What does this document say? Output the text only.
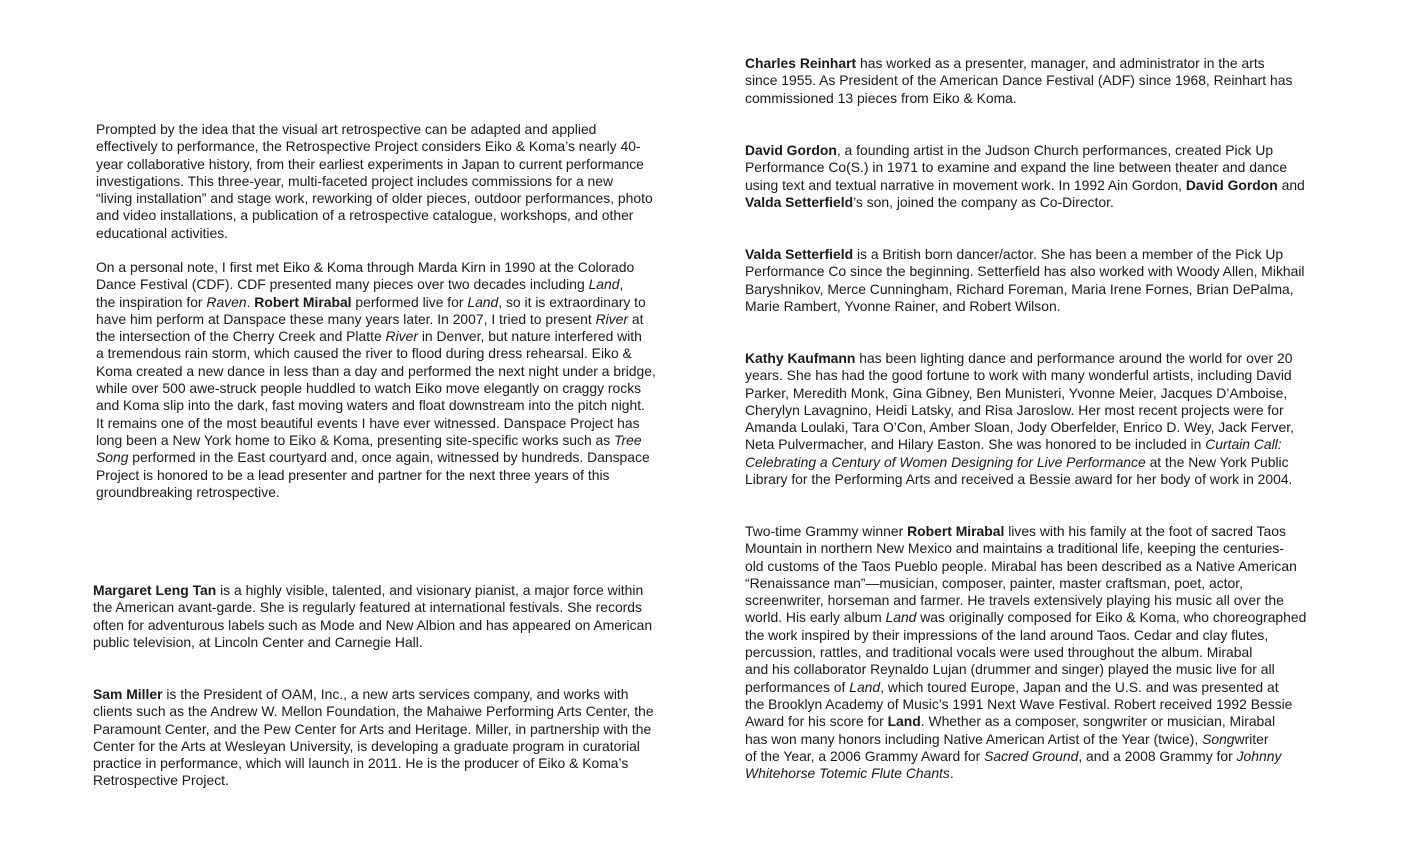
Prompted by the idea that the visual art retrospective can be adapted and applied
effectively to performance, the Retrospective Project considers Eiko & Koma’s nearly 40-
year collaborative history, from their earliest experiments in Japan to current performance
investigations. This three-year, multi-faceted project includes commissions for a new
“living installation” and stage work, reworking of older pieces, outdoor performances, photo
and video installations, a publication of a retrospective catalogue, workshops, and other
educational activities.
On a personal note, I first met Eiko & Koma through Marda Kirn in 1990 at the Colorado
Dance Festival (CDF). CDF presented many pieces over two decades including Land,
the inspiration for Raven. Robert Mirabal performed live for Land, so it is extraordinary to
have him perform at Danspace these many years later. In 2007, I tried to present River at
the intersection of the Cherry Creek and Platte River in Denver, but nature interfered with
a tremendous rain storm, which caused the river to flood during dress rehearsal. Eiko &
Koma created a new dance in less than a day and performed the next night under a bridge,
while over 500 awe-struck people huddled to watch Eiko move elegantly on craggy rocks
and Koma slip into the dark, fast moving waters and float downstream into the pitch night.
It remains one of the most beautiful events I have ever witnessed. Danspace Project has
long been a New York home to Eiko & Koma, presenting site-specific works such as Tree
Song performed in the East courtyard and, once again, witnessed by hundreds. Danspace
Project is honored to be a lead presenter and partner for the next three years of this
groundbreaking retrospective.
Margaret Leng Tan is a highly visible, talented, and visionary pianist, a major force within
the American avant-garde. She is regularly featured at international festivals. She records
often for adventurous labels such as Mode and New Albion and has appeared on American
public television, at Lincoln Center and Carnegie Hall.
Sam Miller is the President of OAM, Inc., a new arts services company, and works with
clients such as the Andrew W. Mellon Foundation, the Mahaiwe Performing Arts Center, the
Paramount Center, and the Pew Center for Arts and Heritage. Miller, in partnership with the
Center for the Arts at Wesleyan University, is developing a graduate program in curatorial
practice in performance, which will launch in 2011. He is the producer of Eiko & Koma’s
Retrospective Project.
Charles Reinhart has worked as a presenter, manager, and administrator in the arts
since 1955. As President of the American Dance Festival (ADF) since 1968, Reinhart has
commissioned 13 pieces from Eiko & Koma.
David Gordon, a founding artist in the Judson Church performances, created Pick Up
Performance Co(S.) in 1971 to examine and expand the line between theater and dance
using text and textual narrative in movement work. In 1992 Ain Gordon, David Gordon and
Valda Setterfield’s son, joined the company as Co-Director.
Valda Setterfield is a British born dancer/actor. She has been a member of the Pick Up
Performance Co since the beginning. Setterfield has also worked with Woody Allen, Mikhail
Baryshnikov, Merce Cunningham, Richard Foreman, Maria Irene Fornes, Brian DePalma,
Marie Rambert, Yvonne Rainer, and Robert Wilson.
Kathy Kaufmann has been lighting dance and performance around the world for over 20
years. She has had the good fortune to work with many wonderful artists, including David
Parker, Meredith Monk, Gina Gibney, Ben Munisteri, Yvonne Meier, Jacques D’Amboise,
Cherylyn Lavagnino, Heidi Latsky, and Risa Jaroslow. Her most recent projects were for
Amanda Loulaki, Tara O’Con, Amber Sloan, Jody Oberfelder, Enrico D. Wey, Jack Ferver,
Neta Pulvermacher, and Hilary Easton. She was honored to be included in Curtain Call:
Celebrating a Century of Women Designing for Live Performance at the New York Public
Library for the Performing Arts and received a Bessie award for her body of work in 2004.
Two-time Grammy winner Robert Mirabal lives with his family at the foot of sacred Taos
Mountain in northern New Mexico and maintains a traditional life, keeping the centuries-
old customs of the Taos Pueblo people. Mirabal has been described as a Native American
“Renaissance man”—musician, composer, painter, master craftsman, poet, actor,
screenwriter, horseman and farmer. He travels extensively playing his music all over the
world. His early album Land was originally composed for Eiko & Koma, who choreographed
the work inspired by their impressions of the land around Taos. Cedar and clay flutes,
percussion, rattles, and traditional vocals were used throughout the album. Mirabal
and his collaborator Reynaldo Lujan (drummer and singer) played the music live for all
performances of Land, which toured Europe, Japan and the U.S. and was presented at
the Brooklyn Academy of Music’s 1991 Next Wave Festival. Robert received 1992 Bessie
Award for his score for Land. Whether as a composer, songwriter or musician, Mirabal
has won many honors including Native American Artist of the Year (twice), Songwriter
of the Year, a 2006 Grammy Award for Sacred Ground, and a 2008 Grammy for Johnny
Whitehorse Totemic Flute Chants.
